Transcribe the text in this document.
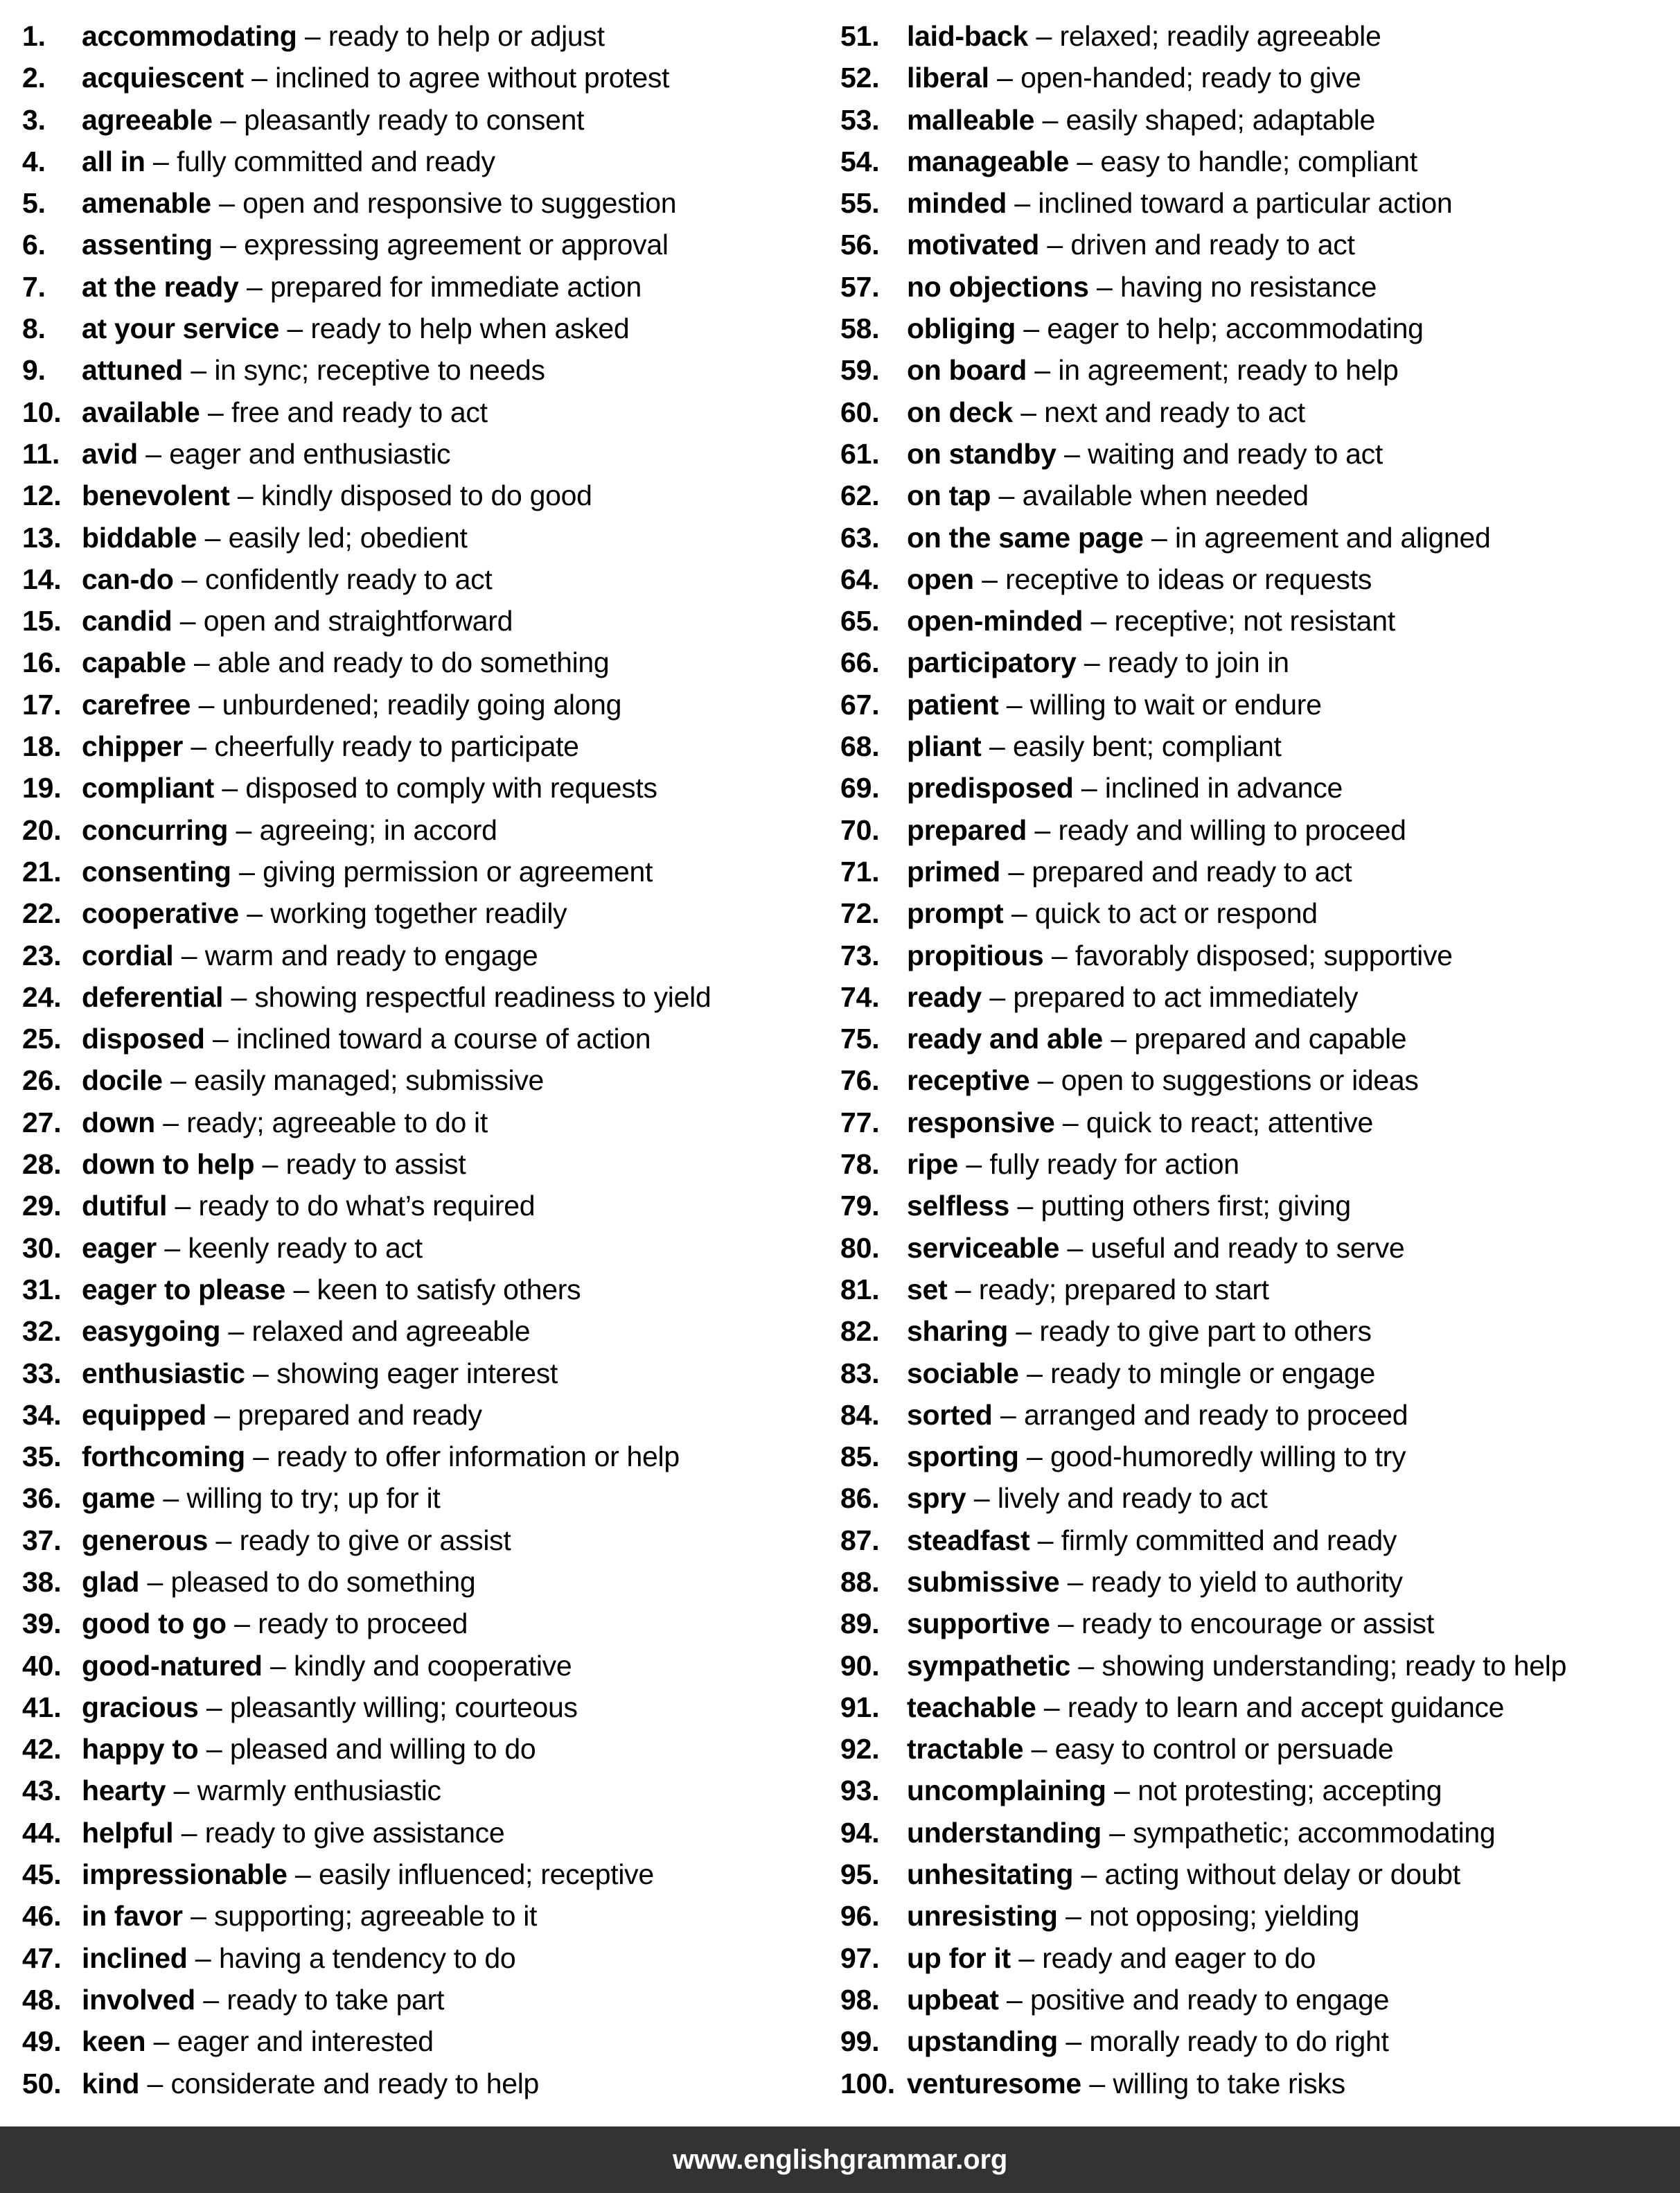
1.	accommodating
–
ready to help or adjust
2.	acquiescent
–
inclined to agree without protest
3.	agreeable
–
pleasantly ready to consent
4.	all in
–
fully committed and ready
5.	amenable
–
open and responsive to suggestion
6.	assenting
–
expressing agreement or approval
7.	at the ready
–
prepared for immediate action
8.	at your service
–
ready to help when asked
9.	attuned
–
in sync; receptive to needs
10. available
–
free and ready to act
11. avid
–
eager and enthusiastic
12. benevolent
–
kindly disposed to do good
13. biddable
–
easily led; obedient
14. can-do
–
confidently ready to act
15. candid
–
open and straightforward
16. capable
–
able and ready to do something
17. carefree
–
unburdened; readily going along
18. chipper
–
cheerfully ready to participate
19. compliant
–
disposed to comply with requests
20. concurring
–
agreeing; in accord
21. consenting
–
giving permission or agreement
22. cooperative
–
working together readily
23. cordial
–
warm and ready to engage
24. deferential
–
showing respectful readiness to yield
25. disposed
–
inclined toward a course of action
26. docile
–
easily managed; submissive
27. down
–
ready; agreeable to do it
28. down to help
–
ready to assist
29. dutiful
–
ready to do what’s required
30. eager
–
keenly ready to act
31. eager to please
–
keen to satisfy others
32. easygoing
–
relaxed and agreeable
33. enthusiastic
–
showing eager interest
34. equipped
–
prepared and ready
35. forthcoming
–
ready to offer information or help
36. game
–
willing to try; up for it
37. generous
–
ready to give or assist
38. glad
–
pleased to do something
39. good to go
–
ready to proceed
40. good-natured
–
kindly and cooperative
41. gracious
–
pleasantly willing; courteous
42. happy to
–
pleased and willing to do
43. hearty
–
warmly enthusiastic
44. helpful
–
ready to give assistance
45. impressionable
–
easily influenced; receptive
46. in favor
–
supporting; agreeable to it
47. inclined
–
having a tendency to do
48. involved
–
ready to take part
49. keen
–
eager and interested
50. kind
–
considerate and ready to help
51. laid-back
–
relaxed; readily agreeable
52. liberal
–
open-handed; ready to give
53. malleable
–
easily shaped; adaptable
54. manageable
–
easy to handle; compliant
55. minded
–
inclined toward a particular action
56. motivated
–
driven and ready to act
57. no objections
–
having no resistance
58. obliging
–
eager to help; accommodating
59. on board
–
in agreement; ready to help
60. on deck
–
next and ready to act
61. on standby
–
waiting and ready to act
62. on tap
–
available when needed
63. on the same page
–
in agreement and aligned
64. open
–
receptive to ideas or requests
65. open-minded
–
receptive; not resistant
66. participatory
–
ready to join in
67. patient
–
willing to wait or endure
68. pliant
–
easily bent; compliant
69. predisposed
–
inclined in advance
70. prepared
–
ready and willing to proceed
71. primed
–
prepared and ready to act
72. prompt
–
quick to act or respond
73. propitious
–
favorably disposed; supportive
74. ready
–
prepared to act immediately
75. ready and able
–
prepared and capable
76. receptive
–
open to suggestions or ideas
77. responsive
–
quick to react; attentive
78. ripe
–
fully ready for action
79. selfless
–
putting others first; giving
80. serviceable
–
useful and ready to serve
81. set
–
ready; prepared to start
82. sharing
–
ready to give part to others
83. sociable
–
ready to mingle or engage
84. sorted
–
arranged and ready to proceed
85. sporting
–
good-humoredly willing to try
86. spry
–
lively and ready to act
87. steadfast
–
firmly committed and ready
88. submissive
–
ready to yield to authority
89. supportive
–
ready to encourage or assist
90. sympathetic
–
showing understanding; ready to help
91. teachable
–
ready to learn and accept guidance
92. tractable
–
easy to control or persuade
93. uncomplaining
–
not protesting; accepting
94. understanding
–
sympathetic; accommodating
95. unhesitating
–
acting without delay or doubt
96. unresisting
–
not opposing; yielding
97. up for it
–
ready and eager to do
98. upbeat
–
positive and ready to engage
99. upstanding
–
morally ready to do right
100. venturesome
–
willing to take risks
www.englishgrammar.org
